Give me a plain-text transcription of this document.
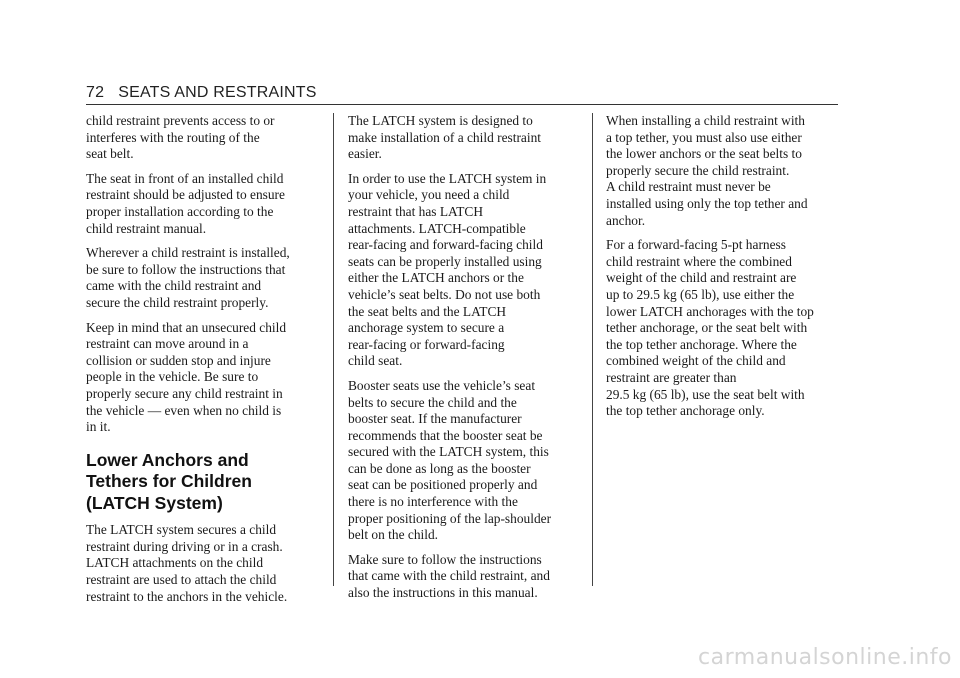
72 SEATS AND RESTRAINTS

child restraint prevents access to or
interferes with the routing of the
seat belt.

The seat in front of an installed child
restraint should be adjusted to ensure
proper installation according to the
child restraint manual.

Wherever a child restraint is installed,
be sure to follow the instructions that
came with the child restraint and
secure the child restraint properly.

Keep in mind that an unsecured child
restraint can move around in a
collision or sudden stop and injure
people in the vehicle. Be sure to
properly secure any child restraint in
the vehicle — even when no child is
in it.

Lower Anchors and
Tethers for Children
(LATCH System)

The LATCH system secures a child
restraint during driving or in a crash.
LATCH attachments on the child
restraint are used to attach the child
restraint to the anchors in the vehicle.

The LATCH system is designed to
make installation of a child restraint
easier.

In order to use the LATCH system in
your vehicle, you need a child
restraint that has LATCH
attachments. LATCH-compatible
rear-facing and forward-facing child
seats can be properly installed using
either the LATCH anchors or the
vehicle’s seat belts. Do not use both
the seat belts and the LATCH
anchorage system to secure a
rear-facing or forward-facing
child seat.

Booster seats use the vehicle’s seat
belts to secure the child and the
booster seat. If the manufacturer
recommends that the booster seat be
secured with the LATCH system, this
can be done as long as the booster
seat can be positioned properly and
there is no interference with the
proper positioning of the lap-shoulder
belt on the child.

Make sure to follow the instructions
that came with the child restraint, and
also the instructions in this manual.

When installing a child restraint with
a top tether, you must also use either
the lower anchors or the seat belts to
properly secure the child restraint.
A child restraint must never be
installed using only the top tether and
anchor.

For a forward-facing 5-pt harness
child restraint where the combined
weight of the child and restraint are
up to 29.5 kg (65 lb), use either the
lower LATCH anchorages with the top
tether anchorage, or the seat belt with
the top tether anchorage. Where the
combined weight of the child and
restraint are greater than
29.5 kg (65 lb), use the seat belt with
the top tether anchorage only.

carmanualsonline.info
